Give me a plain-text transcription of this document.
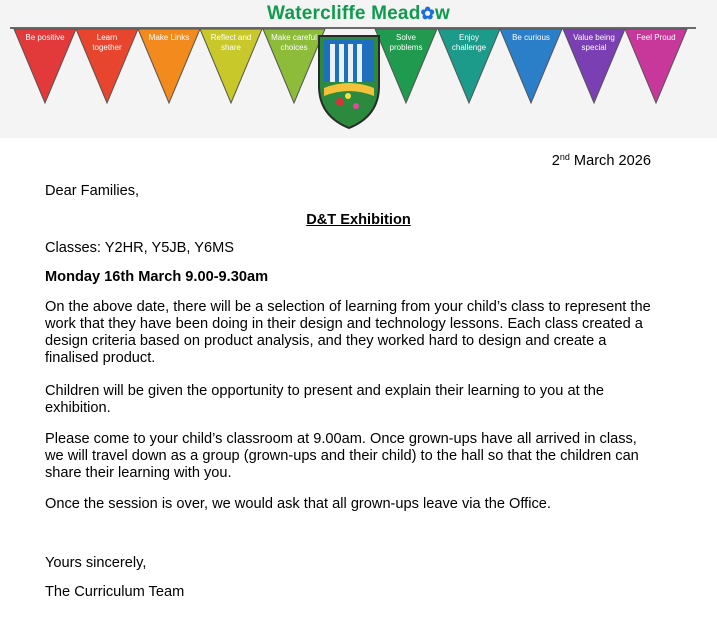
Watercliffe Mead✿w
Be positive	Learn together
Make Links	Reflect and share
Make careful choices
Solve problems
Enjoy challenge
Be curious	Value being special
Feel Proud
2nd March 2026
Dear Families,
D&T Exhibition
Classes: Y2HR, Y5JB, Y6MS
Monday 16th March 9.00-9.30am
On the above date, there will be a selection of learning from your child’s class to represent the work that they have been doing in their design and technology lessons. Each class created a design criteria based on product analysis, and they worked hard to design and create a finalised product.
Children will be given the opportunity to present and explain their learning to you at the exhibition.
Please come to your child’s classroom at 9.00am. Once grown-ups have all arrived in class, we will travel down as a group (grown-ups and their child) to the hall so that the children can share their learning with you.
Once the session is over, we would ask that all grown-ups leave via the Office.
Yours sincerely,
The Curriculum Team
